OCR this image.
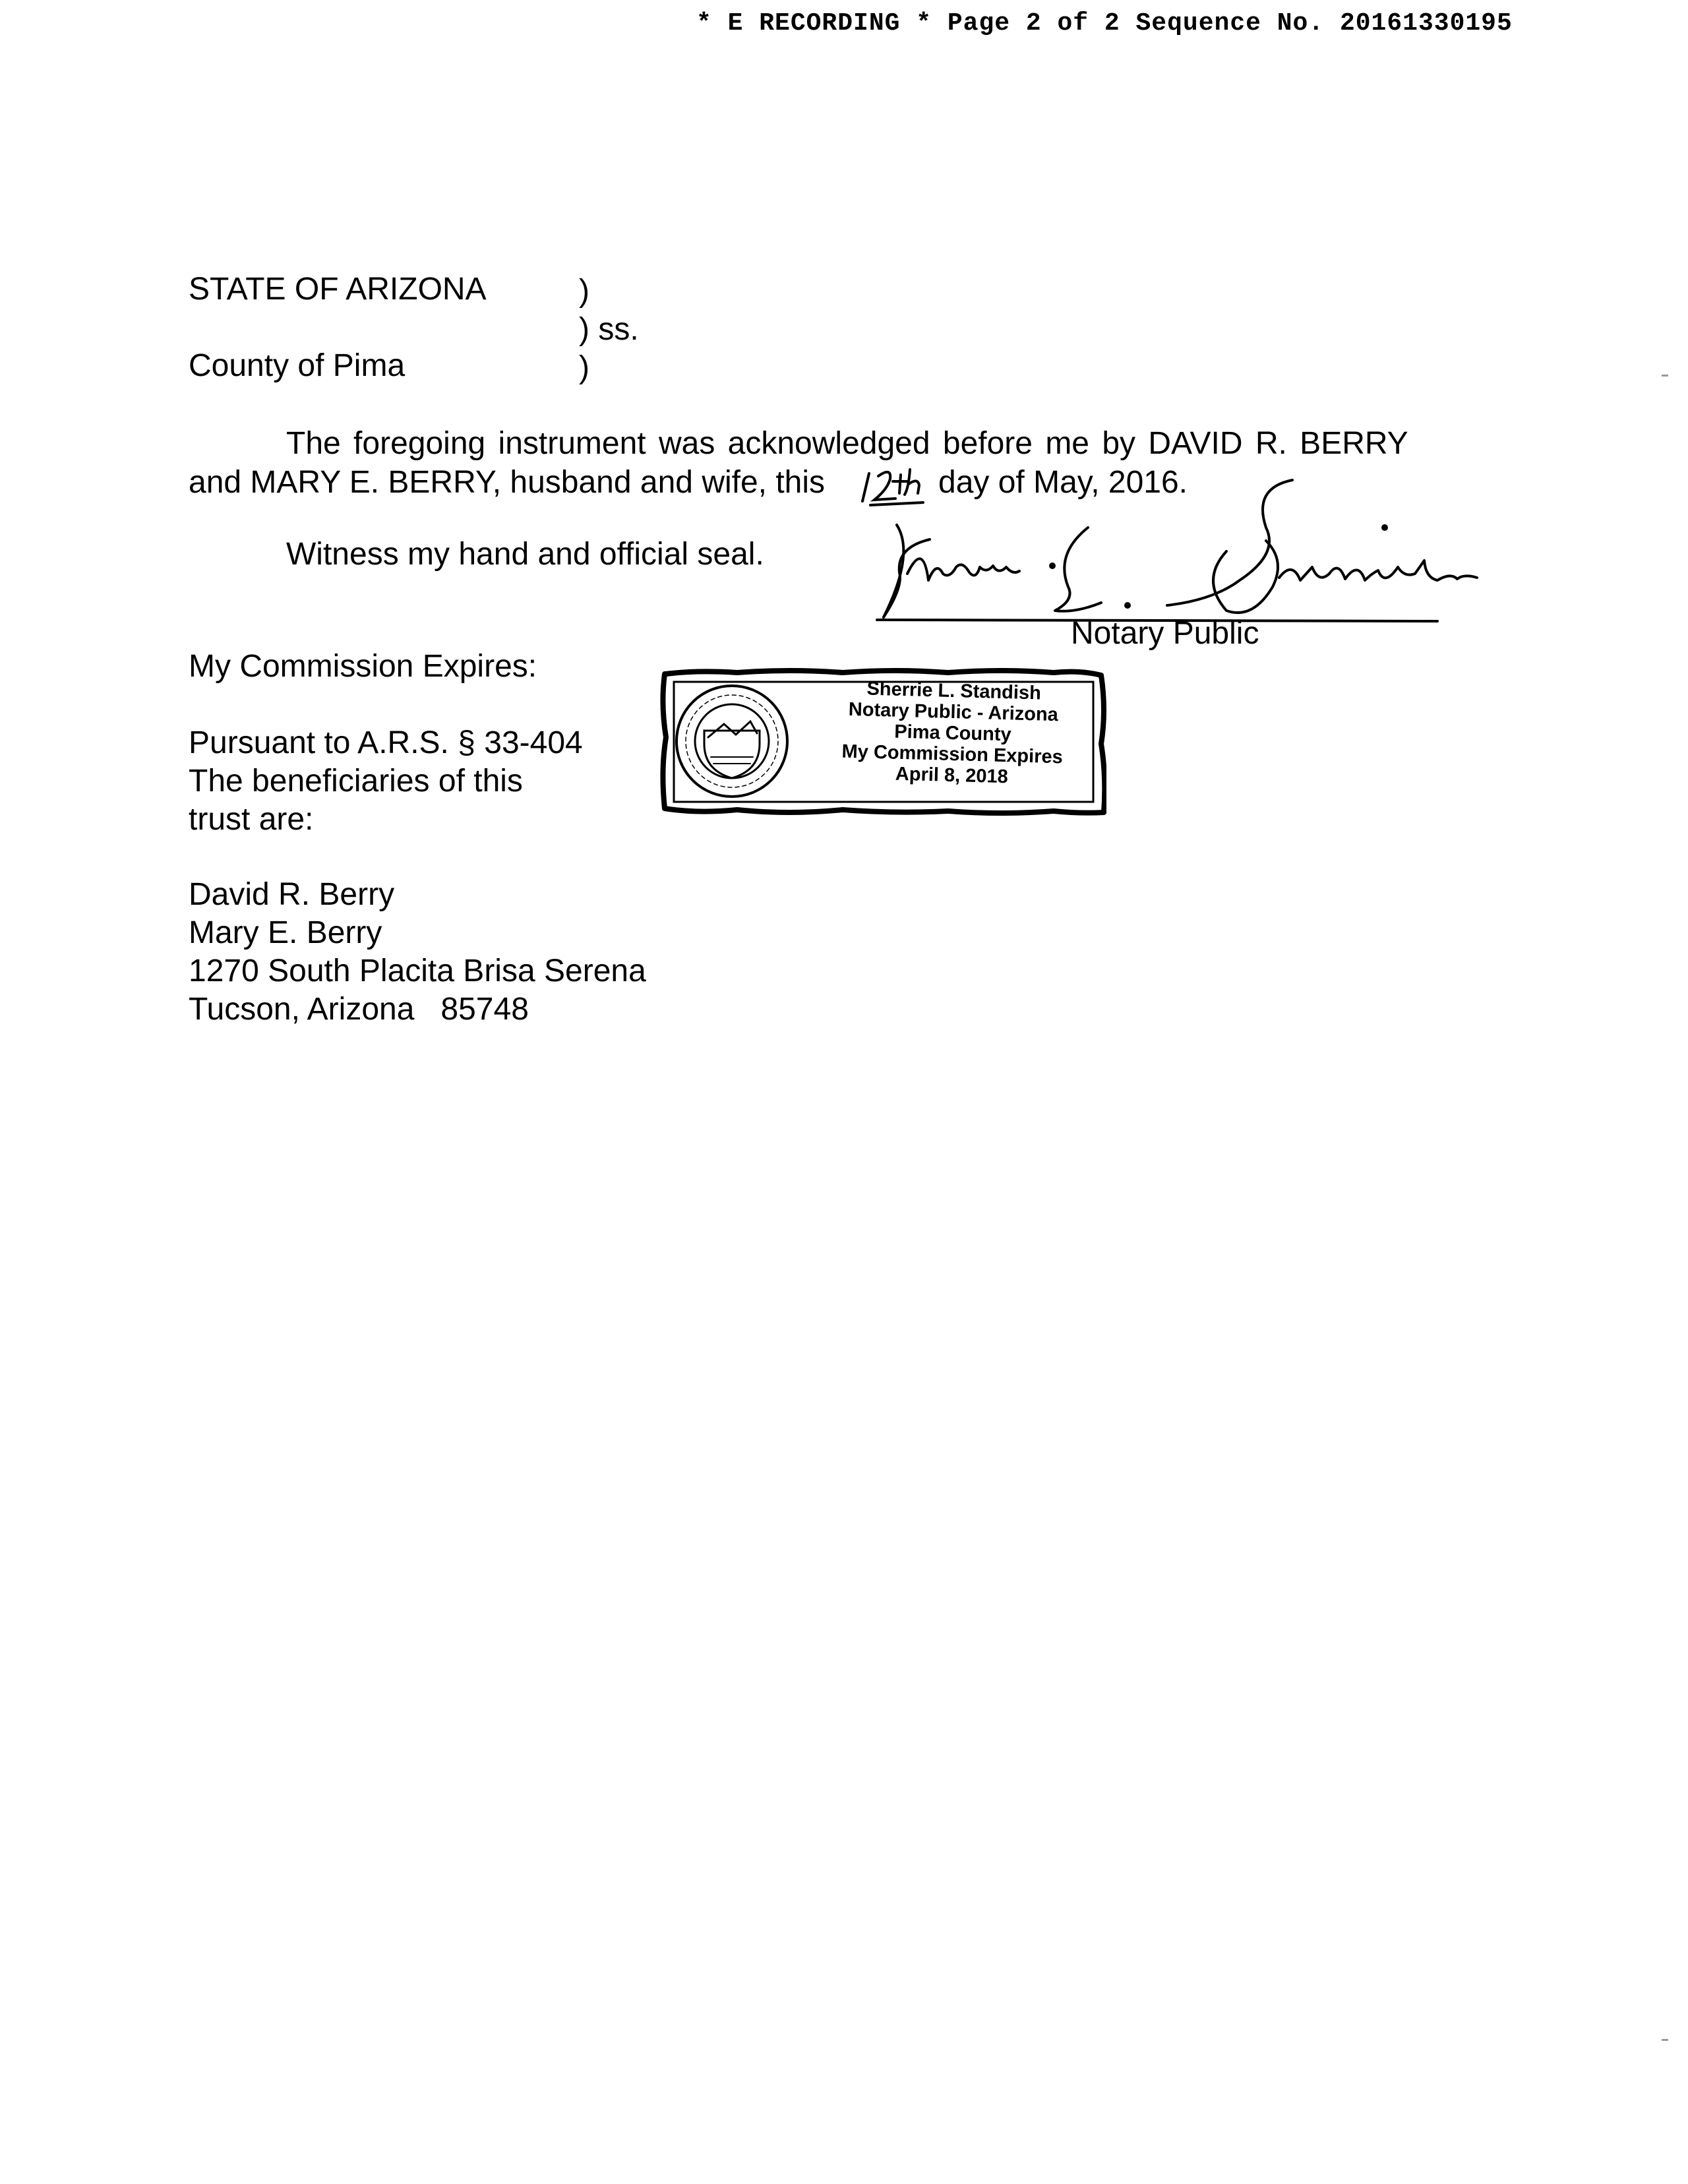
* E RECORDING * Page 2 of 2 Sequence No. 20161330195
STATE OF ARIZONA	)
) ss.
County of Pima	)
The foregoing instrument was acknowledged before me by DAVID R. BERRY
and MARY E. BERRY, husband and wife, this	day of May, 2016.
Witness my hand and official seal.
Notary Public
My Commission Expires:
Sherrie L. Standish
Notary Public - Arizona
Pima County
My Commission Expires
April 8, 2018
Pursuant to A.R.S. § 33-404
The beneficiaries of this
trust are:
David R. Berry
Mary E. Berry
1270 South Placita Brisa Serena
Tucson, Arizona   85748
